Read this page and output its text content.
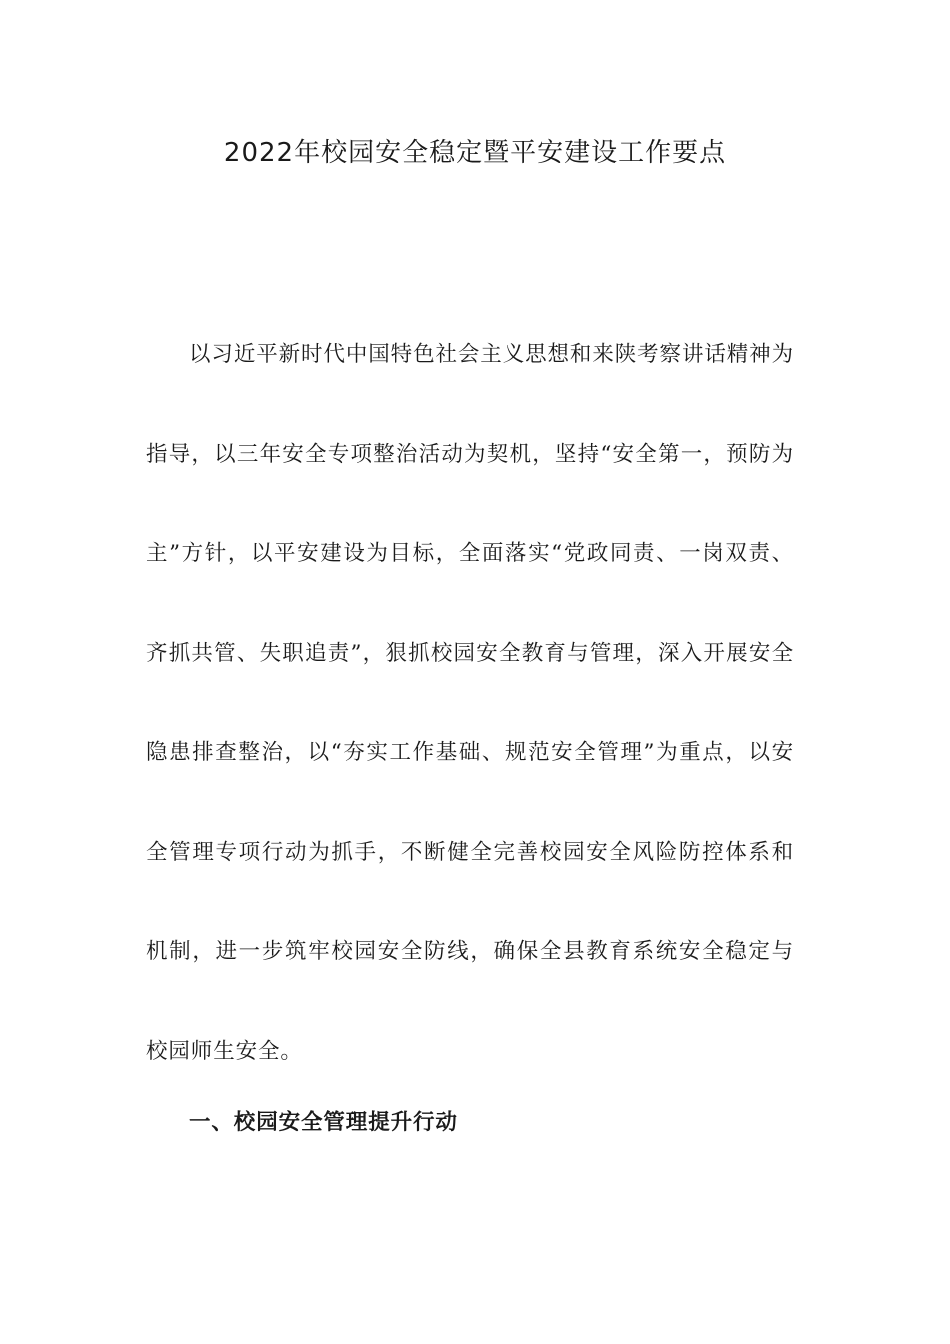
2022年校园安全稳定暨平安建设工作要点

以习近平新时代中国特色社会主义思想和来陕考察讲话精神为指导，以三年安全专项整治活动为契机，坚持“安全第一，预防为主”方针，以平安建设为目标，全面落实“党政同责、一岗双责、齐抓共管、失职追责”，狠抓校园安全教育与管理，深入开展安全隐患排查整治，以“夯实工作基础、规范安全管理”为重点，以安全管理专项行动为抓手，不断健全完善校园安全风险防控体系和机制，进一步筑牢校园安全防线，确保全县教育系统安全稳定与校园师生安全。

一、校园安全管理提升行动
